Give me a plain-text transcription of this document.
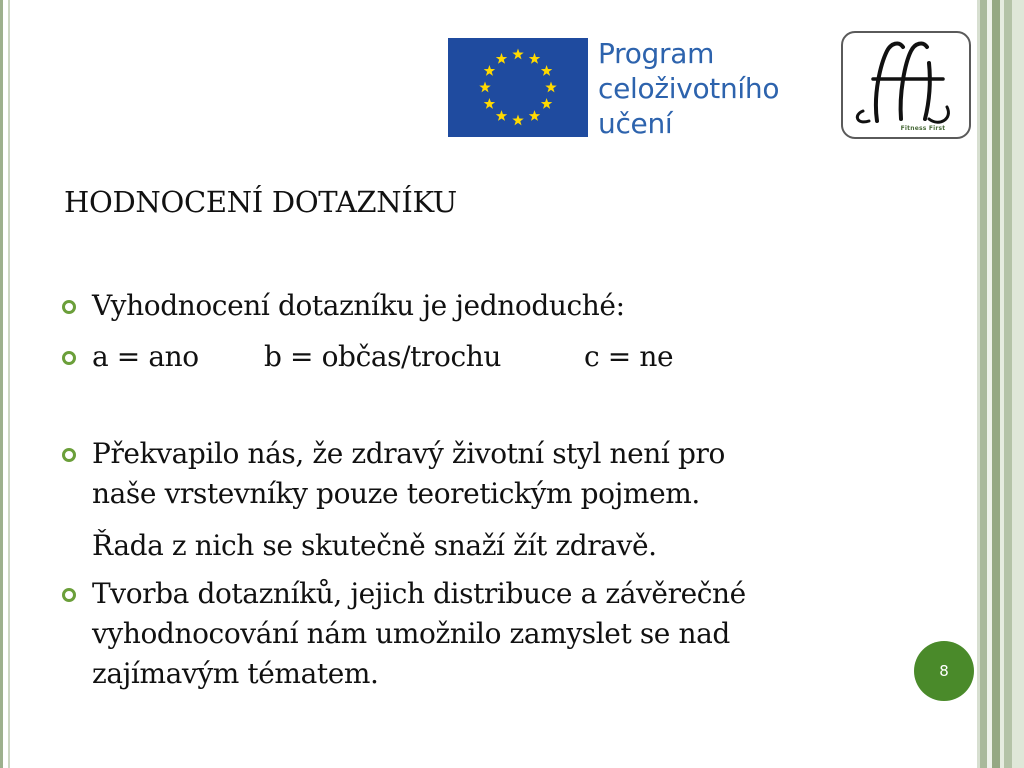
Program
celoživotního
učení	Fitness First
HODNOCENÍ DOTAZNÍKU
Vyhodnocení dotazníku je jednoduché:
a = ano b = občas/trochu	c = ne
Překvapilo nás, že zdravý životní styl není pro
naše vrstevníky pouze teoretickým pojmem.
Řada z nich se skutečně snaží žít zdravě.
Tvorba dotazníků, jejich distribuce a závěrečné
vyhodnocování nám umožnilo zamyslet se nad
zajímavým tématem.	8
